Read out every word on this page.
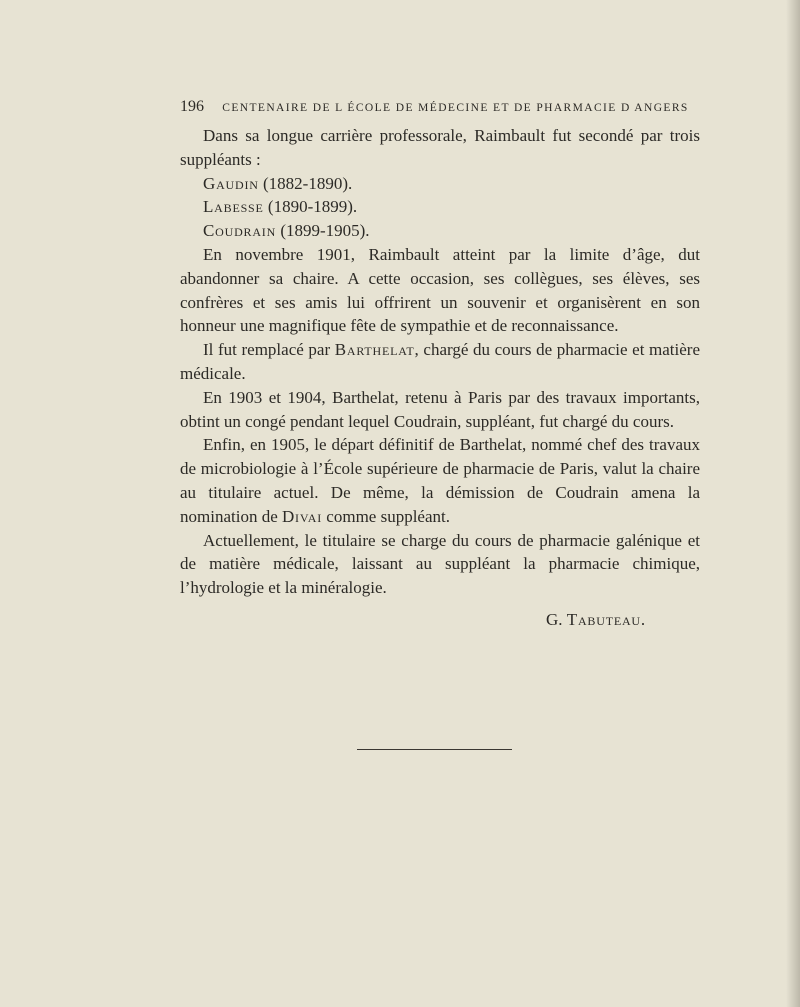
196 CENTENAIRE DE L ÉCOLE DE MÉDECINE ET DE PHARMACIE D ANGERS

Dans sa longue carrière professorale, Raimbault fut secondé par trois suppléants :

Gaudin (1882-1890).

Labesse (1890-1899).

Coudrain (1899-1905).

En novembre 1901, Raimbault atteint par la limite d’âge, dut abandonner sa chaire. A cette occasion, ses collègues, ses élèves, ses confrères et ses amis lui offrirent un souvenir et organisèrent en son honneur une magnifique fête de sympathie et de reconnaissance.

Il fut remplacé par Barthelat, chargé du cours de pharmacie et matière médicale.

En 1903 et 1904, Barthelat, retenu à Paris par des travaux importants, obtint un congé pendant lequel Coudrain, suppléant, fut chargé du cours.

Enfin, en 1905, le départ définitif de Barthelat, nommé chef des travaux de microbiologie à l’École supérieure de pharmacie de Paris, valut la chaire au titulaire actuel. De même, la démission de Coudrain amena la nomination de Divai comme suppléant.

Actuellement, le titulaire se charge du cours de pharmacie galénique et de matière médicale, laissant au suppléant la pharmacie chimique, l’hydrologie et la minéralogie.

G. Tabuteau.
